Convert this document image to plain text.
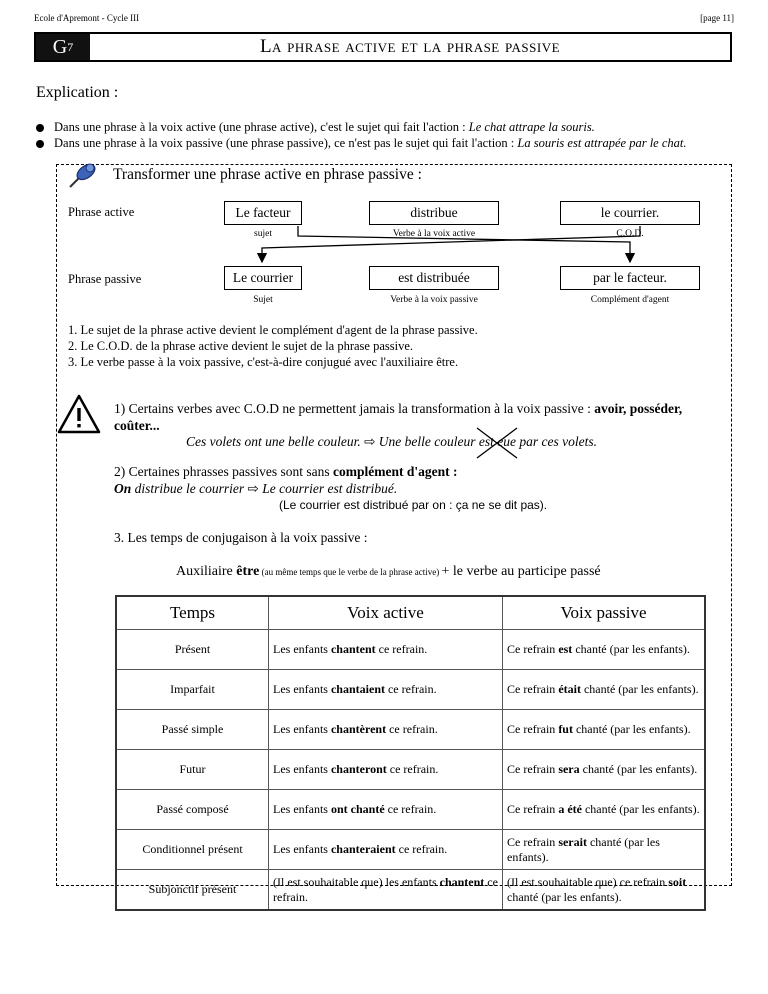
Ecole d'Apremont - Cycle III	[page 11]
G 7	La phrase active et la phrase passive
Explication :
Dans une phrase à la voix active (une phrase active), c'est le sujet qui fait l'action : Le chat attrape la souris.
Dans une phrase à la voix passive (une phrase passive), ce n'est pas le sujet qui fait l'action : La souris est attrapée par le chat.
Transformer une phrase active en phrase passive :
Phrase active
Phrase passive
Le facteur	distribue	le courrier.
sujet	Verbe à la voix active	C.O.D.
Le courrier	est distribuée	par le facteur.
Sujet	Verbe à la voix passive	Complément d'agent
1. Le sujet de la phrase active devient le complément d'agent de la phrase passive.
2. Le C.O.D. de la phrase active devient le sujet de la phrase passive.
3. Le verbe passe à la voix passive, c'est-à-dire conjugué avec l'auxiliaire être.
1) Certains verbes avec C.O.D ne permettent jamais la transformation à la voix passive : avoir, posséder, coûter...
Ces volets ont une belle couleur. ⇨ Une belle couleur est eue
par ces volets.
2) Certaines phrasses passives sont sans complément d'agent :
On distribue le courrier ⇨ Le courrier est distribué.
(Le courrier est distribué par on : ça ne se dit pas).
3. Les temps de conjugaison à la voix passive :
Auxiliaire être (au même temps que le verbe de la phrase active) + le verbe au participe passé
Temps	Voix active	Voix passive
Présent	Les enfants chantent ce refrain.	Ce refrain est chanté (par les enfants).
Imparfait	Les enfants chantaient ce refrain.	Ce refrain était chanté (par les enfants).
Passé simple	Les enfants chantèrent ce refrain.	Ce refrain fut chanté (par les enfants).
Futur	Les enfants chanteront ce refrain.	Ce refrain sera chanté (par les enfants).
Passé composé	Les enfants ont chanté ce refrain.	Ce refrain a été chanté (par les enfants).
Conditionnel présent	Les enfants chanteraient ce refrain.	Ce refrain serait chanté (par les enfants).
Subjonctif présent	(Il est souhaitable que) les enfants chantent ce refrain.	(Il est souhaitable que) ce refrain soit chanté (par les enfants).
